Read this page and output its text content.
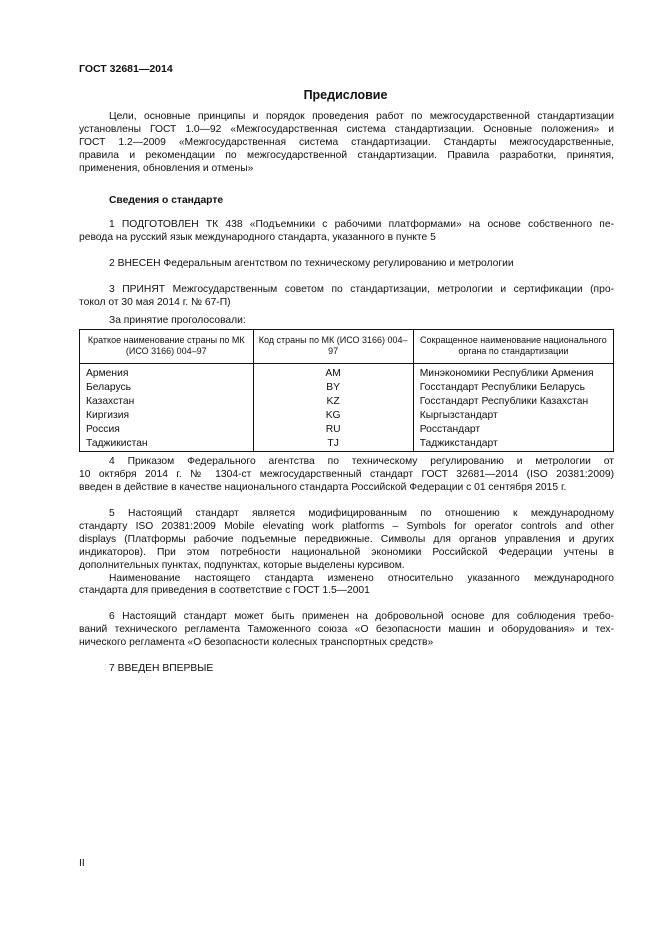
ГОСТ 32681—2014
Предисловие
Цели, основные принципы и порядок проведения работ по межгосударственной стандартизации
установлены ГОСТ 1.0—92 «Межгосударственная система стандартизации. Основные положения» и
ГОСТ 1.2—2009 «Межгосударственная система стандартизации. Стандарты межгосударственные,
правила и рекомендации по межгосударственной стандартизации. Правила разработки, принятия,
применения, обновления и отмены»
Сведения о стандарте
1 ПОДГОТОВЛЕН ТК 438 «Подъемники с рабочими платформами» на основе собственного пе-
ревода на русский язык международного стандарта, указанного в пункте 5
2 ВНЕСЕН Федеральным агентством по техническому регулированию и метрологии
3 ПРИНЯТ Межгосударственным советом по стандартизации, метрологии и сертификации (про-
токол от 30 мая 2014 г. № 67-П)
За принятие проголосовали:
Краткое наименование страны по МК (ИСО 3166) 004–97	Код страны по МК (ИСО 3166) 004–97	Сокращенное наименование национального органа по стандартизации
Армения	AM	Минэкономики Республики Армения
Беларусь	BY	Госстандарт Республики Беларусь
Казахстан	KZ	Госстандарт Республики Казахстан
Киргизия	KG	Кыргызстандарт
Россия	RU	Росстандарт
Таджикистан	TJ	Таджикстандарт
4 Приказом Федерального агентства по техническому регулированию и метрологии от
10 октября 2014 г. № 1304-ст межгосударственный стандарт ГОСТ 32681—2014 (ISO 20381:2009)
введен в действие в качестве национального стандарта Российской Федерации с 01 сентября 2015 г.
5 Настоящий стандарт является модифицированным по отношению к международному
стандарту ISO 20381:2009 Mobile elevating work platforms – Symbols for operator controls and other
displays (Платформы рабочие подъемные передвижные. Символы для органов управления и других
индикаторов). При этом потребности национальной экономики Российской Федерации учтены в
дополнительных пунктах, подпунктах, которые выделены курсивом.
Наименование настоящего стандарта изменено относительно указанного международного
стандарта для приведения в соответствие с ГОСТ 1.5—2001
6 Настоящий стандарт может быть применен на добровольной основе для соблюдения требо-
ваний технического регламента Таможенного союза «О безопасности машин и оборудования» и тех-
нического регламента «О безопасности колесных транспортных средств»
7 ВВЕДЕН ВПЕРВЫЕ
II
